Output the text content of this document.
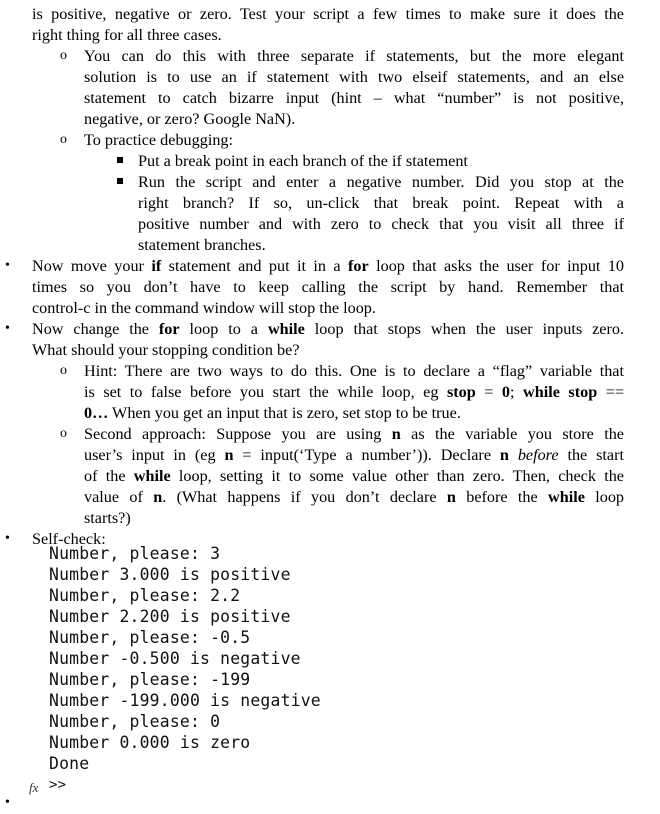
is positive, negative or zero. Test your script a few times to make sure it does the
right thing for all three cases.
o You can do this with three separate if statements, but the more elegant
solution is to use an if statement with two elseif statements, and an else
statement to catch bizarre input (hint – what “number” is not positive,
negative, or zero? Google NaN).
o To practice debugging:
Put a break point in each branch of the if statement
Run the script and enter a negative number. Did you stop at the
right branch? If so, un-click that break point. Repeat with a
positive number and with zero to check that you visit all three if
statement branches.
• Now move your if statement and put it in a for loop that asks the user for input 10
times so you don’t have to keep calling the script by hand. Remember that
control-c in the command window will stop the loop.
• Now change the for loop to a while loop that stops when the user inputs zero.
What should your stopping condition be?
o Hint: There are two ways to do this. One is to declare a “flag” variable that
is set to false before you start the while loop, eg stop = 0; while stop ==
0… When you get an input that is zero, set stop to be true.
o Second approach: Suppose you are using n as the variable you store the
user’s input in (eg n = input(‘Type a number’)). Declare n before the start
of the while loop, setting it to some value other than zero. Then, check the
value of n. (What happens if you don’t declare n before the while loop
starts?)
• Self-check:
Number, please: 3
Number 3.000 is positive
Number, please: 2.2
Number 2.200 is positive
Number, please: -0.5
Number -0.500 is negative
Number, please: -199
Number -199.000 is negative
Number, please: 0
Number 0.000 is zero
Done
fx >>
•
